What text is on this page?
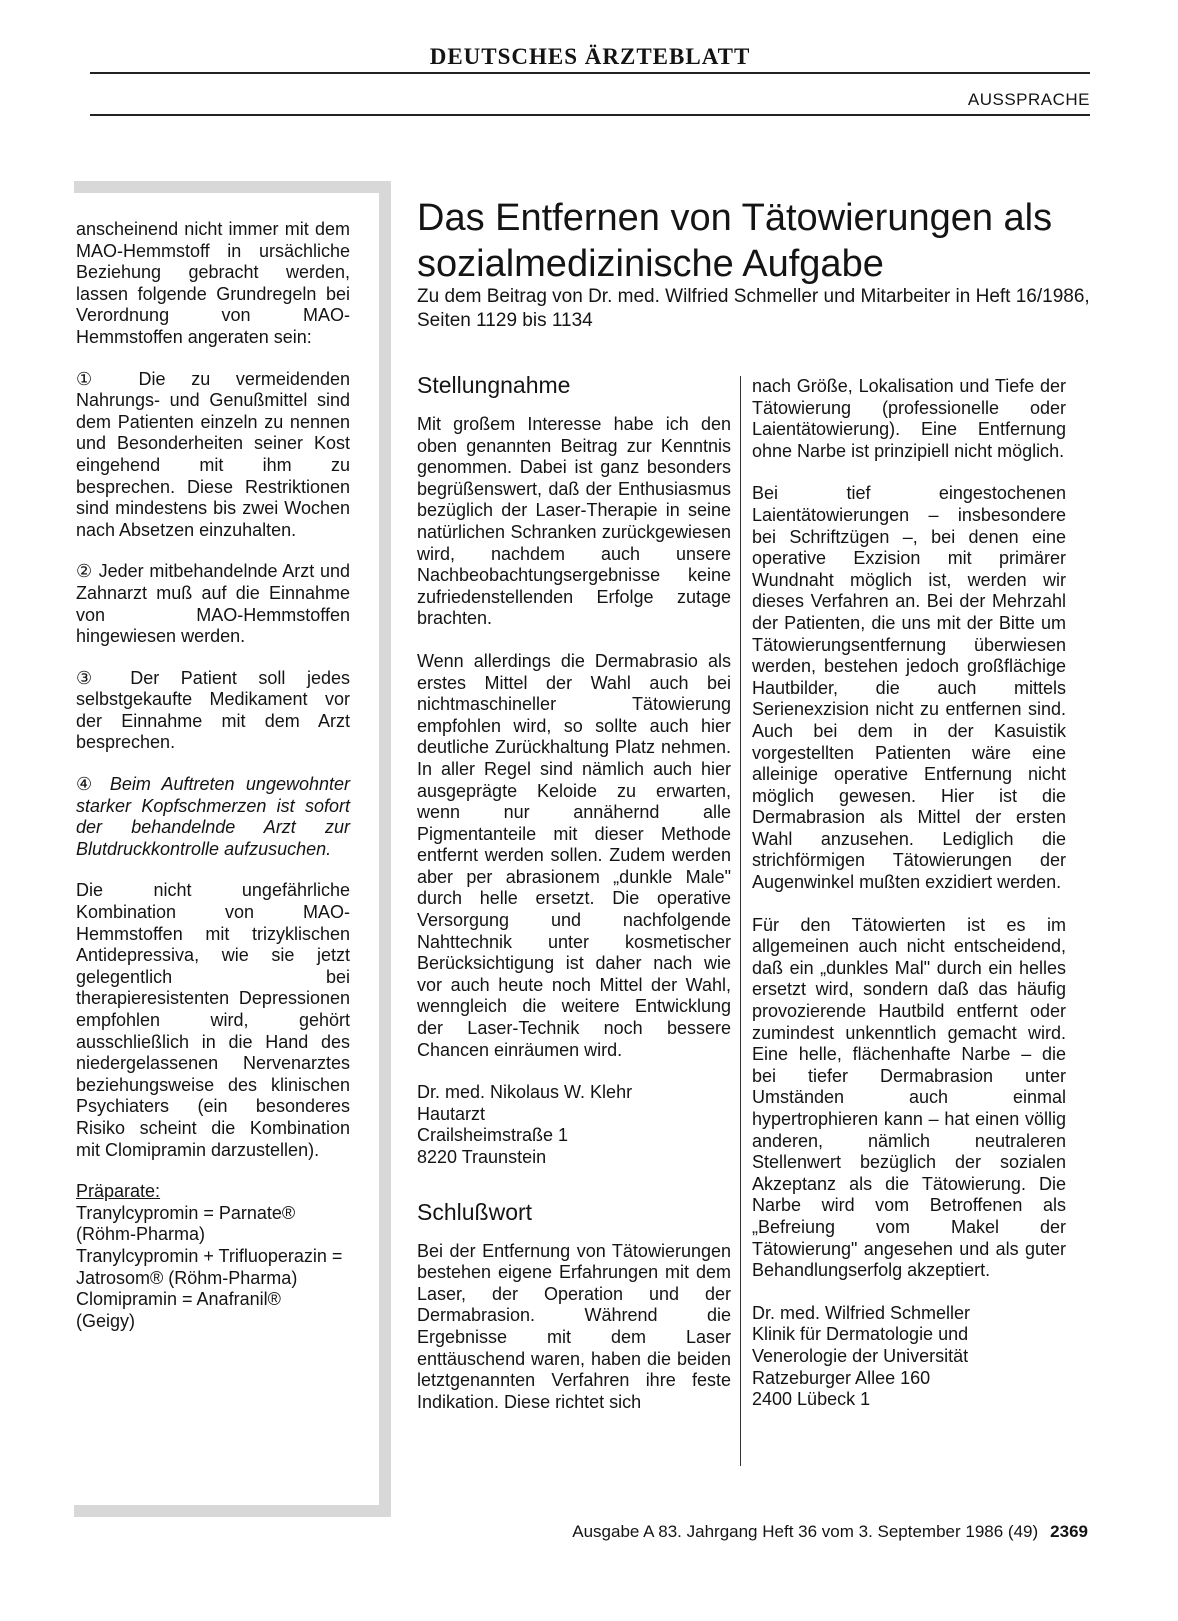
DEUTSCHES ÄRZTEBLATT
AUSSPRACHE

anscheinend nicht immer mit dem MAO-Hemmstoff in ursächliche Beziehung gebracht werden, lassen folgende Grundregeln bei Verordnung von MAO-Hemmstoffen angeraten sein:

① Die zu vermeidenden Nahrungs- und Genußmittel sind dem Patienten einzeln zu nennen und Besonderheiten seiner Kost eingehend mit ihm zu besprechen. Diese Restriktionen sind mindestens bis zwei Wochen nach Absetzen einzuhalten.

② Jeder mitbehandelnde Arzt und Zahnarzt muß auf die Einnahme von MAO-Hemmstoffen hingewiesen werden.

③ Der Patient soll jedes selbstgekaufte Medikament vor der Einnahme mit dem Arzt besprechen.

④ Beim Auftreten ungewohnter starker Kopfschmerzen ist sofort der behandelnde Arzt zur Blutdruckkontrolle aufzusuchen.

Die nicht ungefährliche Kombination von MAO-Hemmstoffen mit trizyklischen Antidepressiva, wie sie jetzt gelegentlich bei therapieresistenten Depressionen empfohlen wird, gehört ausschließlich in die Hand des niedergelassenen Nervenarztes beziehungsweise des klinischen Psychiaters (ein besonderes Risiko scheint die Kombination mit Clomipramin darzustellen).

Präparate:
Tranylcypromin = Parnate®
(Röhm-Pharma)
Tranylcypromin + Trifluoperazin = Jatrosom® (Röhm-Pharma)
Clomipramin = Anafranil®
(Geigy)
Das Entfernen von Tätowierungen als sozialmedizinische Aufgabe
Zu dem Beitrag von Dr. med. Wilfried Schmeller und Mitarbeiter in Heft 16/1986, Seiten 1129 bis 1134
Stellungnahme

Mit großem Interesse habe ich den oben genannten Beitrag zur Kenntnis genommen. Dabei ist ganz besonders begrüßenswert, daß der Enthusiasmus bezüglich der Laser-Therapie in seine natürlichen Schranken zurückgewiesen wird, nachdem auch unsere Nachbeobachtungsergebnisse keine zufriedenstellenden Erfolge zutage brachten.

Wenn allerdings die Dermabrasio als erstes Mittel der Wahl auch bei nichtmaschineller Tätowierung empfohlen wird, so sollte auch hier deutliche Zurückhaltung Platz nehmen. In aller Regel sind nämlich auch hier ausgeprägte Keloide zu erwarten, wenn nur annähernd alle Pigmentanteile mit dieser Methode entfernt werden sollen. Zudem werden aber per abrasionem „dunkle Male" durch helle ersetzt. Die operative Versorgung und nachfolgende Nahttechnik unter kosmetischer Berücksichtigung ist daher nach wie vor auch heute noch Mittel der Wahl, wenngleich die weitere Entwicklung der Laser-Technik noch bessere Chancen einräumen wird.

Dr. med. Nikolaus W. Klehr
Hautarzt
Crailsheimstraße 1
8220 Traunstein
Schlußwort

Bei der Entfernung von Tätowierungen bestehen eigene Erfahrungen mit dem Laser, der Operation und der Dermabrasion. Während die Ergebnisse mit dem Laser enttäuschend waren, haben die beiden letztgenannten Verfahren ihre feste Indikation. Diese richtet sich

nach Größe, Lokalisation und Tiefe der Tätowierung (professionelle oder Laientätowierung). Eine Entfernung ohne Narbe ist prinzipiell nicht möglich.

Bei tief eingestochenen Laientätowierungen – insbesondere bei Schriftzügen –, bei denen eine operative Exzision mit primärer Wundnaht möglich ist, werden wir dieses Verfahren an. Bei der Mehrzahl der Patienten, die uns mit der Bitte um Tätowierungsentfernung überwiesen werden, bestehen jedoch großflächige Hautbilder, die auch mittels Serienexzision nicht zu entfernen sind. Auch bei dem in der Kasuistik vorgestellten Patienten wäre eine alleinige operative Entfernung nicht möglich gewesen. Hier ist die Dermabrasion als Mittel der ersten Wahl anzusehen. Lediglich die strichförmigen Tätowierungen der Augenwinkel mußten exzidiert werden.

Für den Tätowierten ist es im allgemeinen auch nicht entscheidend, daß ein „dunkles Mal" durch ein helles ersetzt wird, sondern daß das häufig provozierende Hautbild entfernt oder zumindest unkenntlich gemacht wird. Eine helle, flächenhafte Narbe – die bei tiefer Dermabrasion unter Umständen auch einmal hypertrophieren kann – hat einen völlig anderen, nämlich neutraleren Stellenwert bezüglich der sozialen Akzeptanz als die Tätowierung. Die Narbe wird vom Betroffenen als „Befreiung vom Makel der Tätowierung" angesehen und als guter Behandlungserfolg akzeptiert.

Dr. med. Wilfried Schmeller
Klinik für Dermatologie und
Venerologie der Universität
Ratzeburger Allee 160
2400 Lübeck 1
Ausgabe A 83. Jahrgang Heft 36 vom 3. September 1986 (49) 2369
